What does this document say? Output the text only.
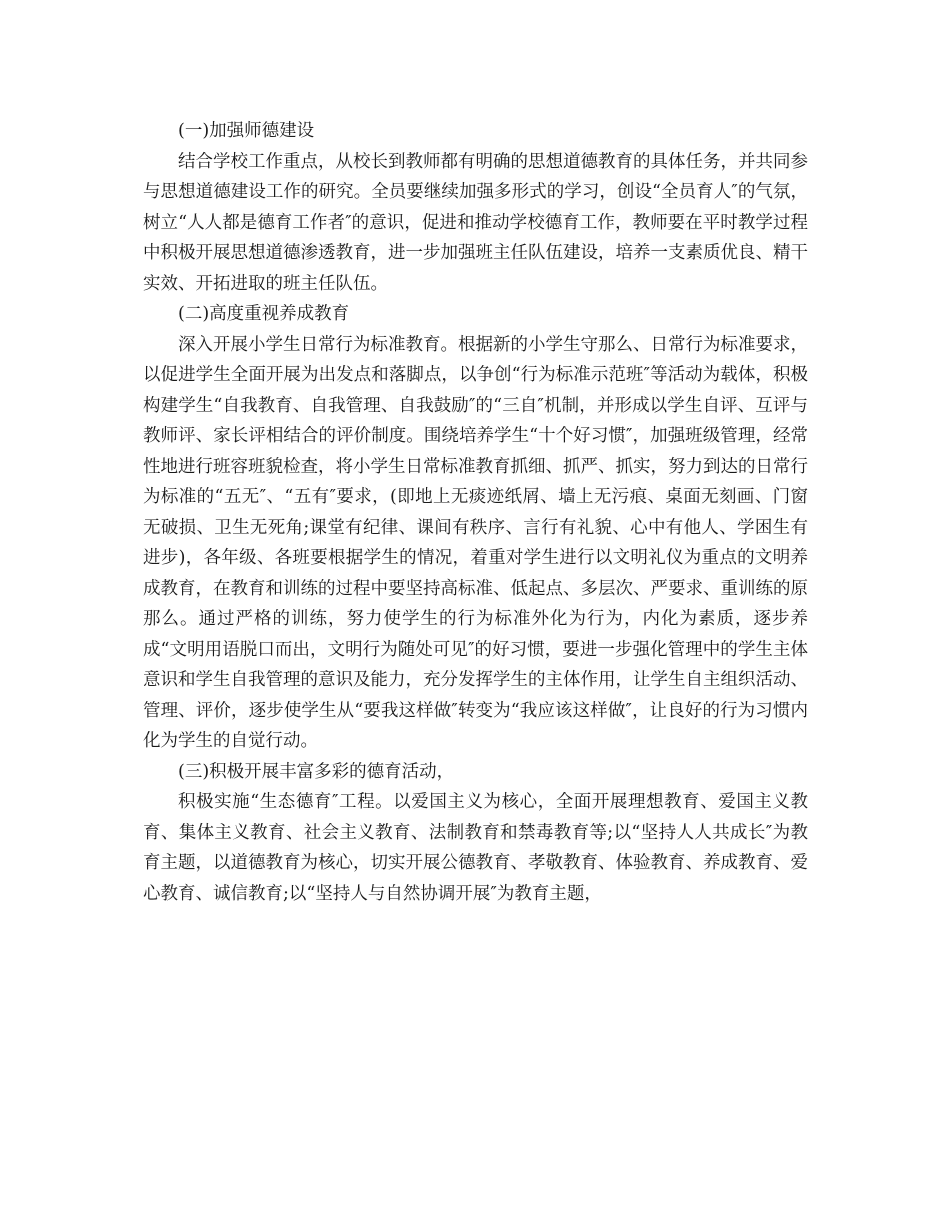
(一)加强师德建设

结合学校工作重点，从校长到教师都有明确的思想道德教育的具体任务，并共同参与思想道德建设工作的研究。全员要继续加强多形式的学习，创设“全员育人″的气氛，树立“人人都是德育工作者″的意识，促进和推动学校德育工作，教师要在平时教学过程中积极开展思想道德渗透教育，进一步加强班主任队伍建设，培养一支素质优良、精干实效、开拓进取的班主任队伍。

(二)高度重视养成教育

深入开展小学生日常行为标准教育。根据新的小学生守那么、日常行为标准要求，以促进学生全面开展为出发点和落脚点，以争创“行为标准示范班″等活动为载体，积极构建学生“自我教育、自我管理、自我鼓励″的“三自″机制，并形成以学生自评、互评与教师评、家长评相结合的评价制度。围绕培养学生“十个好习惯″，加强班级管理，经常性地进行班容班貌检查，将小学生日常标准教育抓细、抓严、抓实，努力到达的日常行为标准的“五无″、“五有″要求，(即地上无痰迹纸屑、墙上无污痕、桌面无刻画、门窗无破损、卫生无死角;课堂有纪律、课间有秩序、言行有礼貌、心中有他人、学困生有进步)，各年级、各班要根据学生的情况，着重对学生进行以文明礼仪为重点的文明养成教育，在教育和训练的过程中要坚持高标准、低起点、多层次、严要求、重训练的原那么。通过严格的训练，努力使学生的行为标准外化为行为，内化为素质，逐步养成“文明用语脱口而出，文明行为随处可见″的好习惯，要进一步强化管理中的学生主体意识和学生自我管理的意识及能力，充分发挥学生的主体作用，让学生自主组织活动、管理、评价，逐步使学生从“要我这样做″转变为“我应该这样做″，让良好的行为习惯内化为学生的自觉行动。

(三)积极开展丰富多彩的德育活动，

积极实施“生态德育″工程。以爱国主义为核心，全面开展理想教育、爱国主义教育、集体主义教育、社会主义教育、法制教育和禁毒教育等;以“坚持人人共成长″为教育主题，以道德教育为核心，切实开展公德教育、孝敬教育、体验教育、养成教育、爱心教育、诚信教育;以“坚持人与自然协调开展″为教育主题，
